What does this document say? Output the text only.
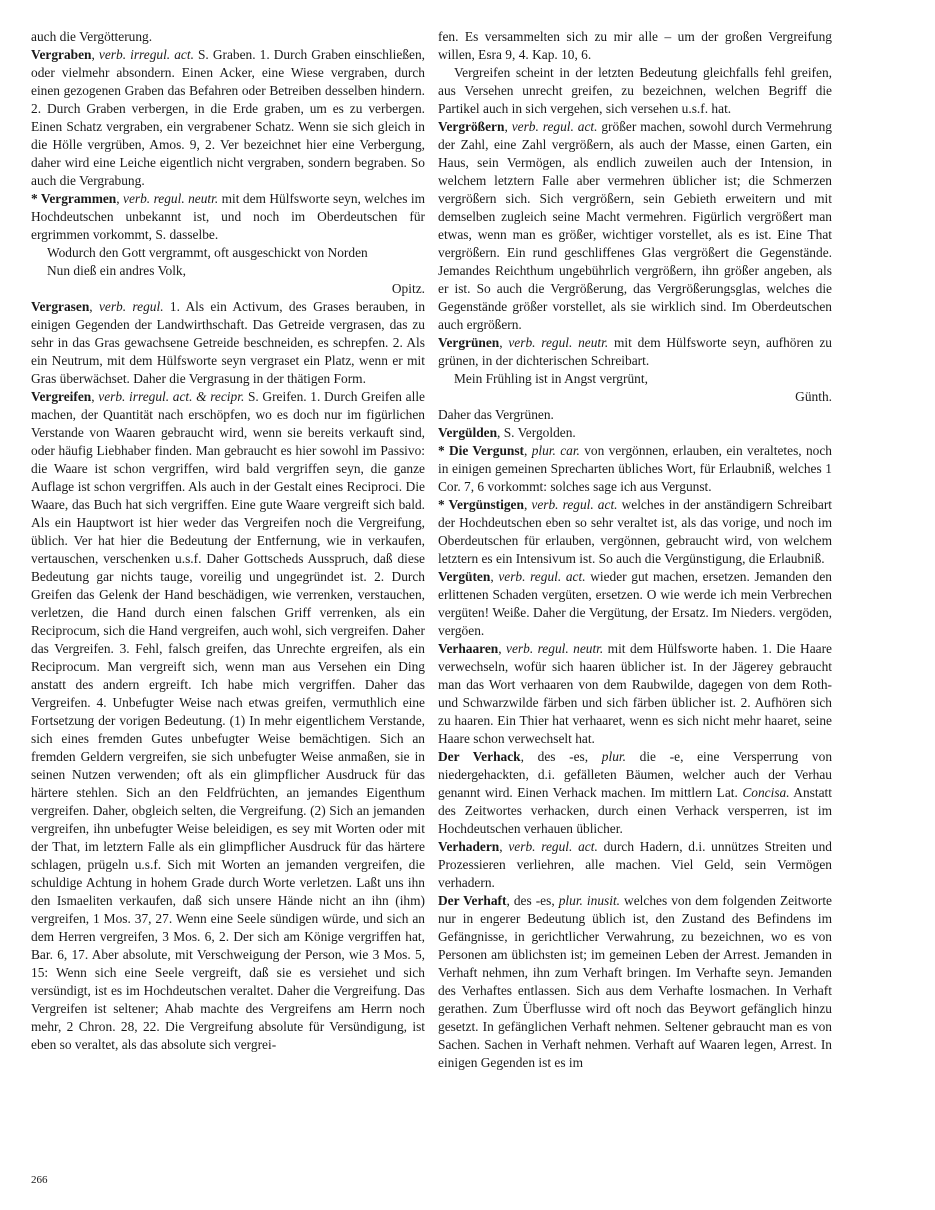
auch die Vergötterung.

Vergraben, verb. irregul. act. S. Graben. 1. Durch Graben einschließen, oder vielmehr absondern. Einen Acker, eine Wiese vergraben, durch einen gezogenen Graben das Befahren oder Betreiben desselben hindern. 2. Durch Graben verbergen, in die Erde graben, um es zu verbergen. Einen Schatz vergraben, ein vergrabener Schatz. Wenn sie sich gleich in die Hölle vergrüben, Amos. 9, 2. Ver bezeichnet hier eine Verbergung, daher wird eine Leiche eigentlich nicht vergraben, sondern begraben. So auch die Vergrabung.

* Vergrammen, verb. regul. neutr. mit dem Hülfsworte seyn, welches im Hochdeutschen unbekannt ist, und noch im Oberdeutschen für ergrimmen vorkommt, S. dasselbe.

Wodurch den Gott vergrammt, oft ausgeschickt von Norden

Nun dieß ein andres Volk,

Opitz.

Vergrasen, verb. regul. 1. Als ein Activum, des Grases berauben, in einigen Gegenden der Landwirthschaft. Das Getreide vergrasen, das zu sehr in das Gras gewachsene Getreide beschneiden, es schrepfen. 2. Als ein Neutrum, mit dem Hülfsworte seyn vergraset ein Platz, wenn er mit Gras überwächset. Daher die Vergrasung in der thätigen Form.

Vergreifen, verb. irregul. act. & recipr. S. Greifen. 1. Durch Greifen alle machen, der Quantität nach erschöpfen, wo es doch nur im figürlichen Verstande von Waaren gebraucht wird, wenn sie bereits verkauft sind, oder häufig Liebhaber finden. Man gebraucht es hier sowohl im Passivo: die Waare ist schon vergriffen, wird bald vergriffen seyn, die ganze Auflage ist schon vergriffen. Als auch in der Gestalt eines Reciproci. Die Waare, das Buch hat sich vergriffen. Eine gute Waare vergreift sich bald. Als ein Hauptwort ist hier weder das Vergreifen noch die Vergreifung, üblich. Ver hat hier die Bedeutung der Entfernung, wie in verkaufen, vertauschen, verschenken u.s.f. Daher Gottscheds Ausspruch, daß diese Bedeutung gar nichts tauge, voreilig und ungegründet ist. 2. Durch Greifen das Gelenk der Hand beschädigen, wie verrenken, verstauchen, verletzen, die Hand durch einen falschen Griff verrenken, als ein Reciprocum, sich die Hand vergreifen, auch wohl, sich vergreifen. Daher das Vergreifen. 3. Fehl, falsch greifen, das Unrechte ergreifen, als ein Reciprocum. Man vergreift sich, wenn man aus Versehen ein Ding anstatt des andern ergreift. Ich habe mich vergriffen. Daher das Vergreifen. 4. Unbefugter Weise nach etwas greifen, vermuthlich eine Fortsetzung der vorigen Bedeutung. (1) In mehr eigentlichem Verstande, sich eines fremden Gutes unbefugter Weise bemächtigen. Sich an fremden Geldern vergreifen, sie sich unbefugter Weise anmaßen, sie in seinen Nutzen verwenden; oft als ein glimpflicher Ausdruck für das härtere stehlen. Sich an den Feldfrüchten, an jemandes Eigenthum vergreifen. Daher, obgleich selten, die Vergreifung. (2) Sich an jemanden vergreifen, ihn unbefugter Weise beleidigen, es sey mit Worten oder mit der That, im letztern Falle als ein glimpflicher Ausdruck für das härtere schlagen, prügeln u.s.f. Sich mit Worten an jemanden vergreifen, die schuldige Achtung in hohem Grade durch Worte verletzen. Laßt uns ihn den Ismaeliten verkaufen, daß sich unsere Hände nicht an ihn (ihm) vergreifen, 1 Mos. 37, 27. Wenn eine Seele sündigen würde, und sich an dem Herren vergreifen, 3 Mos. 6, 2. Der sich am Könige vergriffen hat, Bar. 6, 17. Aber absolute, mit Verschweigung der Person, wie 3 Mos. 5, 15: Wenn sich eine Seele vergreift, daß sie es versiehet und sich versündigt, ist es im Hochdeutschen veraltet. Daher die Vergreifung. Das Vergreifen ist seltener; Ahab machte des Vergreifens am Herrn noch mehr, 2 Chron. 28, 22. Die Vergreifung absolute für Versündigung, ist eben so veraltet, als das absolute sich vergrei-

fen. Es versammelten sich zu mir alle – um der großen Vergreifung willen, Esra 9, 4. Kap. 10, 6.

Vergreifen scheint in der letzten Bedeutung gleichfalls fehl greifen, aus Versehen unrecht greifen, zu bezeichnen, welchen Begriff die Partikel auch in sich vergehen, sich versehen u.s.f. hat.

Vergrößern, verb. regul. act. größer machen, sowohl durch Vermehrung der Zahl, eine Zahl vergrößern, als auch der Masse, einen Garten, ein Haus, sein Vermögen, als endlich zuweilen auch der Intension, in welchem letztern Falle aber vermehren üblicher ist; die Schmerzen vergrößern sich. Sich vergrößern, sein Gebieth erweitern und mit demselben zugleich seine Macht vermehren. Figürlich vergrößert man etwas, wenn man es größer, wichtiger vorstellet, als es ist. Eine That vergrößern. Ein rund geschliffenes Glas vergrößert die Gegenstände. Jemandes Reichthum ungebührlich vergrößern, ihn größer angeben, als er ist. So auch die Vergrößerung, das Vergrößerungsglas, welches die Gegenstände größer vorstellet, als sie wirklich sind. Im Oberdeutschen auch ergrößern.

Vergrünen, verb. regul. neutr. mit dem Hülfsworte seyn, aufhören zu grünen, in der dichterischen Schreibart.

Mein Frühling ist in Angst vergrünt,

Günth.

Daher das Vergrünen.

Vergülden, S. Vergolden.

* Die Vergunst, plur. car. von vergönnen, erlauben, ein veraltetes, noch in einigen gemeinen Sprecharten übliches Wort, für Erlaubniß, welches 1 Cor. 7, 6 vorkommt: solches sage ich aus Vergunst.

* Vergünstigen, verb. regul. act. welches in der anständigern Schreibart der Hochdeutschen eben so sehr veraltet ist, als das vorige, und noch im Oberdeutschen für erlauben, vergönnen, gebraucht wird, von welchem letztern es ein Intensivum ist. So auch die Vergünstigung, die Erlaubniß.

Vergüten, verb. regul. act. wieder gut machen, ersetzen. Jemanden den erlittenen Schaden vergüten, ersetzen. O wie werde ich mein Verbrechen vergüten! Weiße. Daher die Vergütung, der Ersatz. Im Nieders. vergöden, vergöen.

Verhaaren, verb. regul. neutr. mit dem Hülfsworte haben. 1. Die Haare verwechseln, wofür sich haaren üblicher ist. In der Jägerey gebraucht man das Wort verhaaren von dem Raubwilde, dagegen von dem Roth- und Schwarzwilde färben und sich färben üblicher ist. 2. Aufhören sich zu haaren. Ein Thier hat verhaaret, wenn es sich nicht mehr haaret, seine Haare schon verwechselt hat.

Der Verhack, des -es, plur. die -e, eine Versperrung von niedergehackten, d.i. gefälleten Bäumen, welcher auch der Verhau genannt wird. Einen Verhack machen. Im mittlern Lat. Concisa. Anstatt des Zeitwortes verhacken, durch einen Verhack versperren, ist im Hochdeutschen verhauen üblicher.

Verhadern, verb. regul. act. durch Hadern, d.i. unnützes Streiten und Prozessieren verliehren, alle machen. Viel Geld, sein Vermögen verhadern.

Der Verhaft, des -es, plur. inusit. welches von dem folgenden Zeitworte nur in engerer Bedeutung üblich ist, den Zustand des Befindens im Gefängnisse, in gerichtlicher Verwahrung, zu bezeichnen, wo es von Personen am üblichsten ist; im gemeinen Leben der Arrest. Jemanden in Verhaft nehmen, ihn zum Verhaft bringen. Im Verhafte seyn. Jemanden des Verhaftes entlassen. Sich aus dem Verhafte losmachen. In Verhaft gerathen. Zum Überflusse wird oft noch das Beywort gefänglich hinzu gesetzt. In gefänglichen Verhaft nehmen. Seltener gebraucht man es von Sachen. Sachen in Verhaft nehmen. Verhaft auf Waaren legen, Arrest. In einigen Gegenden ist es im

266
